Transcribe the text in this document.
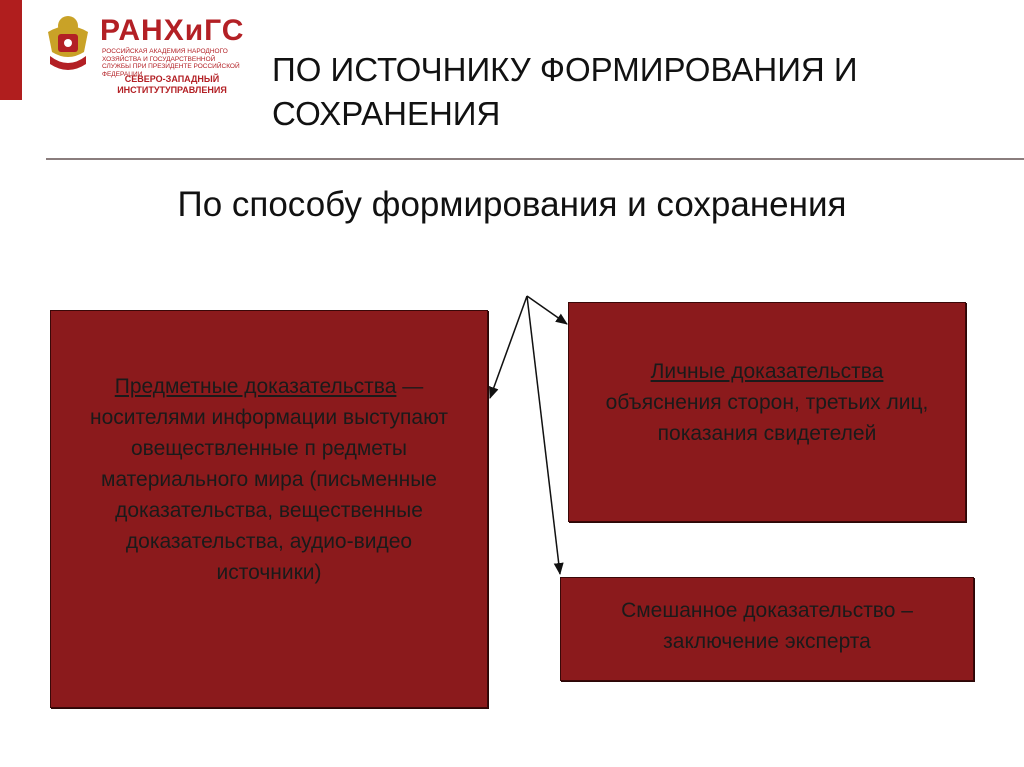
РАНХиГС
РОССИЙСКАЯ АКАДЕМИЯ НАРОДНОГО ХОЗЯЙСТВА И ГОСУДАРСТВЕННОЙ СЛУЖБЫ ПРИ ПРЕЗИДЕНТЕ РОССИЙСКОЙ ФЕДЕРАЦИИ
СЕВЕРО-ЗАПАДНЫЙ ИНСТИТУТУПРАВЛЕНИЯ
ПО ИСТОЧНИКУ ФОРМИРОВАНИЯ И СОХРАНЕНИЯ
По способу формирования и сохранения
Предметные доказательства — носителями информации выступают овеществленные п редметы материального мира (письменные доказательства, вещественные доказательства, аудио-видео источники)
Личные доказательства объяснения сторон, третьих лиц, показания свидетелей
Смешанное доказательство – заключение эксперта
